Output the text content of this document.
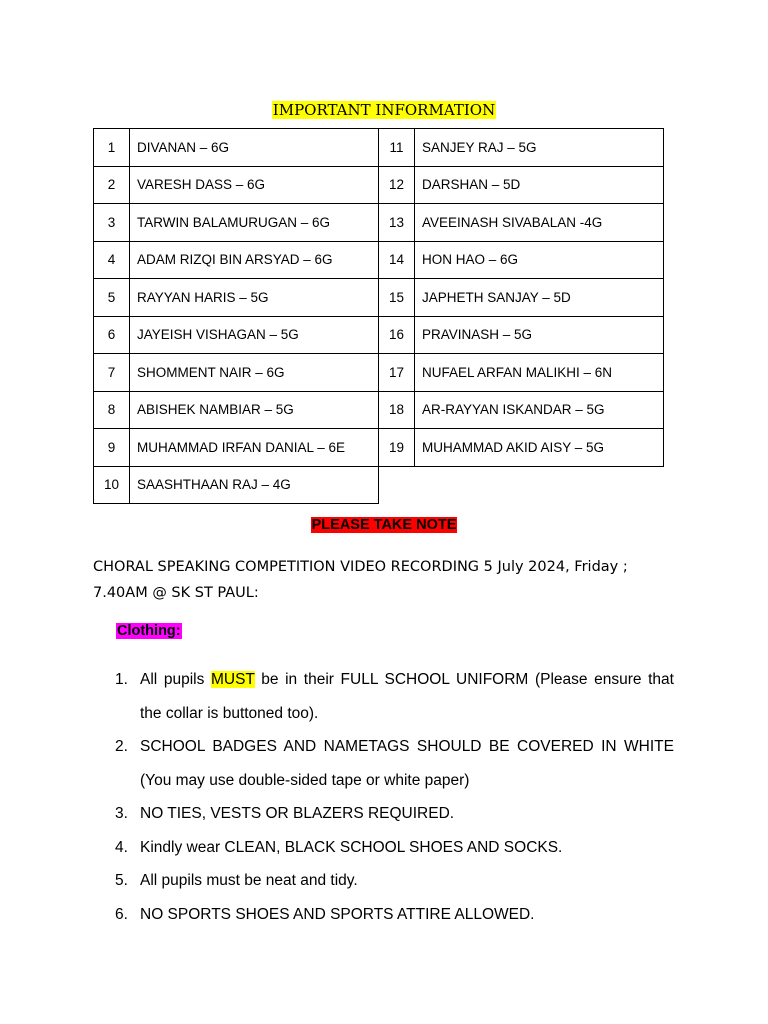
IMPORTANT INFORMATION
1	DIVANAN – 6G	11	SANJEY RAJ – 5G
2	VARESH DASS – 6G	12	DARSHAN – 5D
3	TARWIN BALAMURUGAN – 6G	13	AVEEINASH SIVABALAN -4G
4	ADAM RIZQI BIN ARSYAD – 6G	14	HON HAO – 6G
5	RAYYAN HARIS – 5G	15	JAPHETH SANJAY – 5D
6	JAYEISH VISHAGAN – 5G	16	PRAVINASH – 5G
7	SHOMMENT NAIR – 6G	17	NUFAEL ARFAN MALIKHI – 6N
8	ABISHEK NAMBIAR – 5G	18	AR-RAYYAN ISKANDAR – 5G
9	MUHAMMAD IRFAN DANIAL – 6E	19	MUHAMMAD AKID AISY – 5G
10	SAASHTHAAN RAJ – 4G		
PLEASE TAKE NOTE
CHORAL SPEAKING COMPETITION VIDEO RECORDING 5 July 2024, Friday ; 7.40AM @ SK ST PAUL:
Clothing:
1. All pupils MUST be in their FULL SCHOOL UNIFORM (Please ensure that the collar is buttoned too).
2. SCHOOL BADGES AND NAMETAGS SHOULD BE COVERED IN WHITE (You may use double-sided tape or white paper)
3. NO TIES, VESTS OR BLAZERS REQUIRED.
4. Kindly wear CLEAN, BLACK SCHOOL SHOES AND SOCKS.
5. All pupils must be neat and tidy.
6. NO SPORTS SHOES AND SPORTS ATTIRE ALLOWED.
